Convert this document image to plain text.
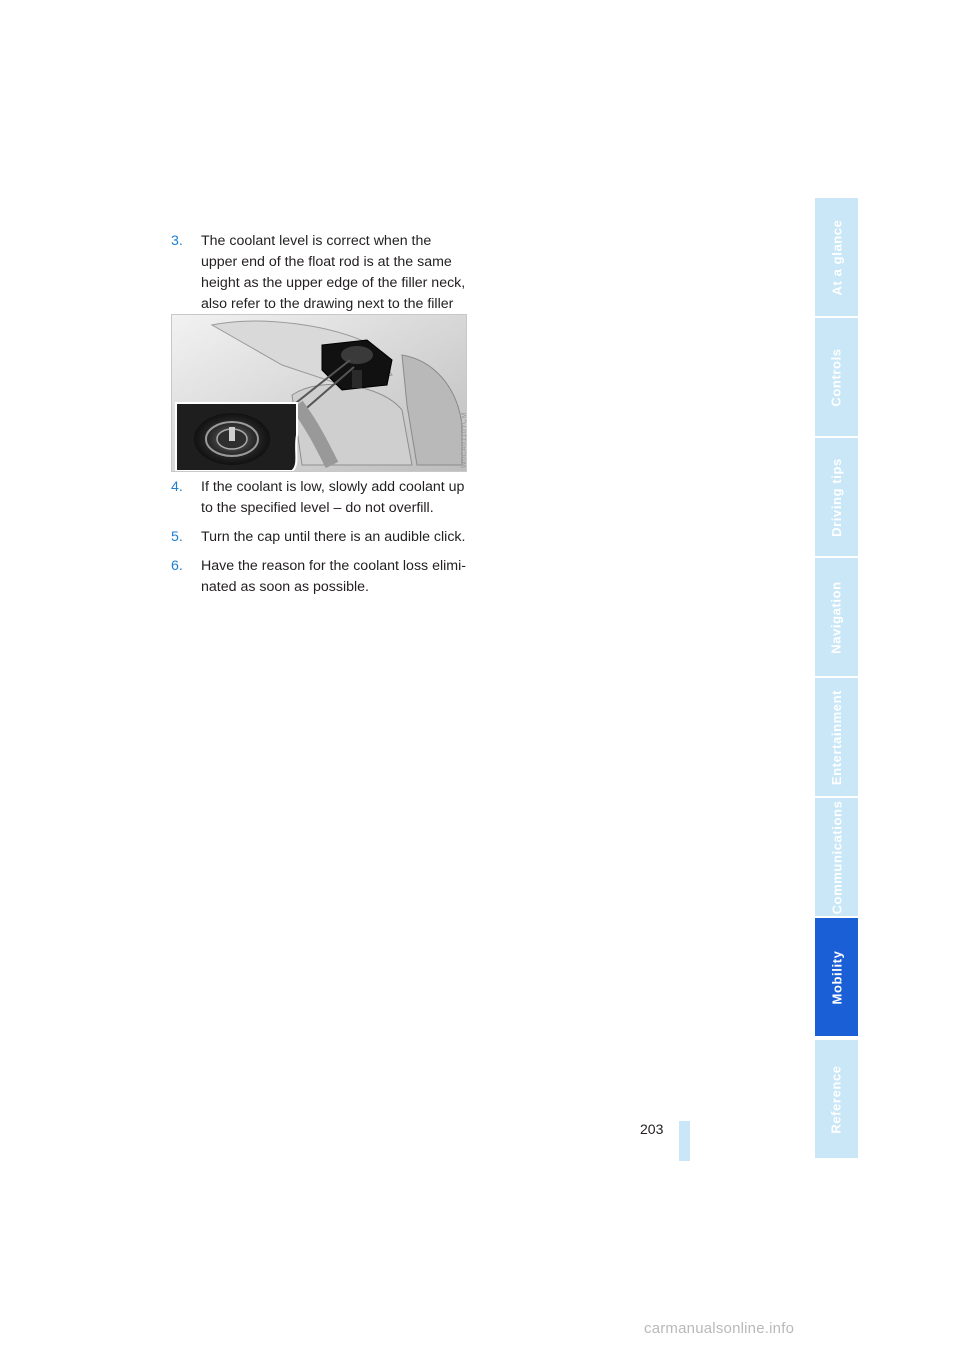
3. The coolant level is correct when the upper end of the float rod is at the same height as the upper edge of the filler neck, also refer to the drawing next to the filler
W0CA0110TCM
4. If the coolant is low, slowly add coolant up to the specified level – do not overfill.
5. Turn the cap until there is an audible click.
6. Have the reason for the coolant loss elimi- nated as soon as possible.
At a glance
Controls
Driving tips
Navigation
Entertainment
Communications
Mobility
Reference
203
carmanualsonline.info
